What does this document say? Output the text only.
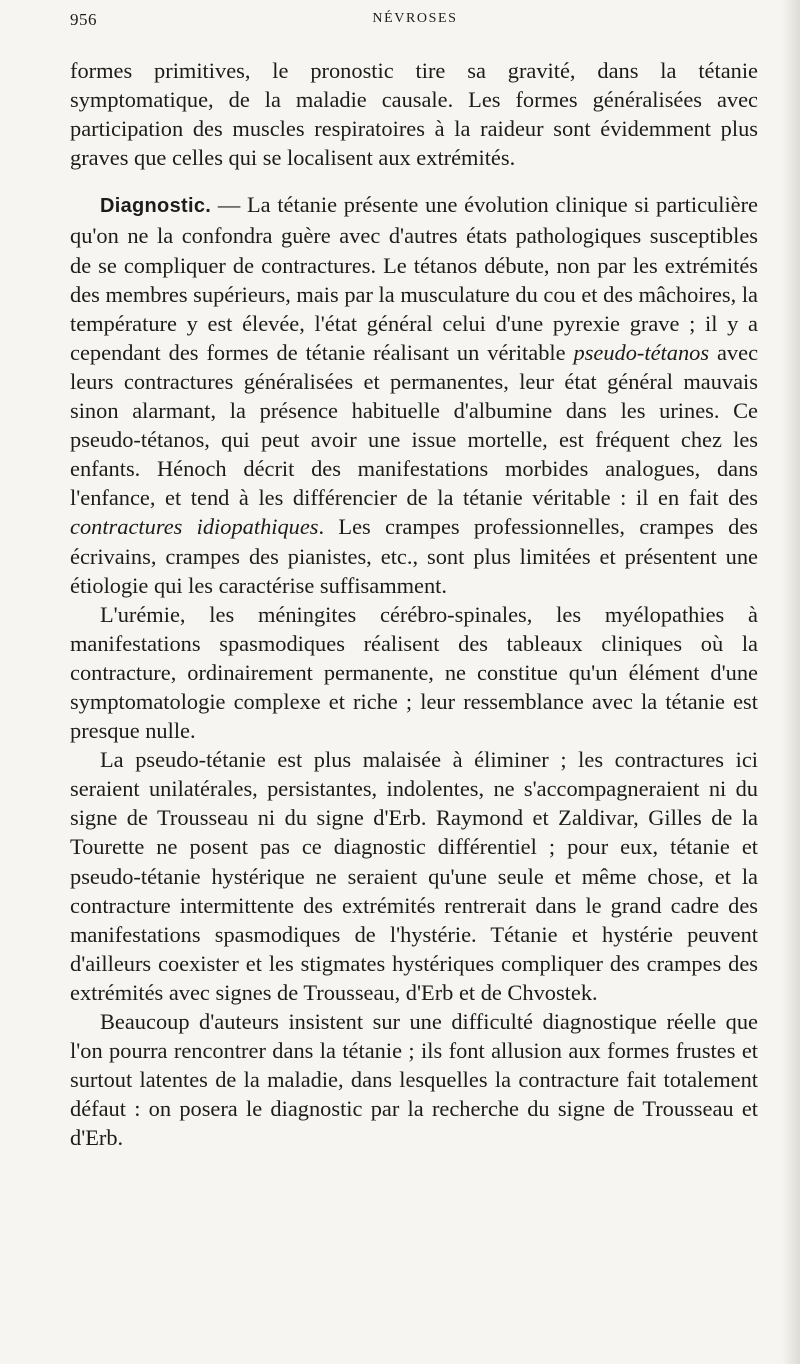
956	NÉVROSES

formes primitives, le pronostic tire sa gravité, dans la tétanie symptomatique, de la maladie causale. Les formes généralisées avec participation des muscles respiratoires à la raideur sont évidemment plus graves que celles qui se localisent aux extrémités.

Diagnostic. — La tétanie présente une évolution clinique si particulière qu'on ne la confondra guère avec d'autres états pathologiques susceptibles de se compliquer de contractures. Le tétanos débute, non par les extrémités des membres supérieurs, mais par la musculature du cou et des mâchoires, la température y est élevée, l'état général celui d'une pyrexie grave ; il y a cependant des formes de tétanie réalisant un véritable pseudo-tétanos avec leurs contractures généralisées et permanentes, leur état général mauvais sinon alarmant, la présence habituelle d'albumine dans les urines. Ce pseudo-tétanos, qui peut avoir une issue mortelle, est fréquent chez les enfants. Hénoch décrit des manifestations morbides analogues, dans l'enfance, et tend à les différencier de la tétanie véritable : il en fait des contractures idiopathiques. Les crampes professionnelles, crampes des écrivains, crampes des pianistes, etc., sont plus limitées et présentent une étiologie qui les caractérise suffisamment.

L'urémie, les méningites cérébro-spinales, les myélopathies à manifestations spasmodiques réalisent des tableaux cliniques où la contracture, ordinairement permanente, ne constitue qu'un élément d'une symptomatologie complexe et riche ; leur ressemblance avec la tétanie est presque nulle.

La pseudo-tétanie est plus malaisée à éliminer ; les contractures ici seraient unilatérales, persistantes, indolentes, ne s'accompagneraient ni du signe de Trousseau ni du signe d'Erb. Raymond et Zaldivar, Gilles de la Tourette ne posent pas ce diagnostic différentiel ; pour eux, tétanie et pseudo-tétanie hystérique ne seraient qu'une seule et même chose, et la contracture intermittente des extrémités rentrerait dans le grand cadre des manifestations spasmodiques de l'hystérie. Tétanie et hystérie peuvent d'ailleurs coexister et les stigmates hystériques compliquer des crampes des extrémités avec signes de Trousseau, d'Erb et de Chvostek.

Beaucoup d'auteurs insistent sur une difficulté diagnostique réelle que l'on pourra rencontrer dans la tétanie ; ils font allusion aux formes frustes et surtout latentes de la maladie, dans lesquelles la contracture fait totalement défaut : on posera le diagnostic par la recherche du signe de Trousseau et d'Erb.
